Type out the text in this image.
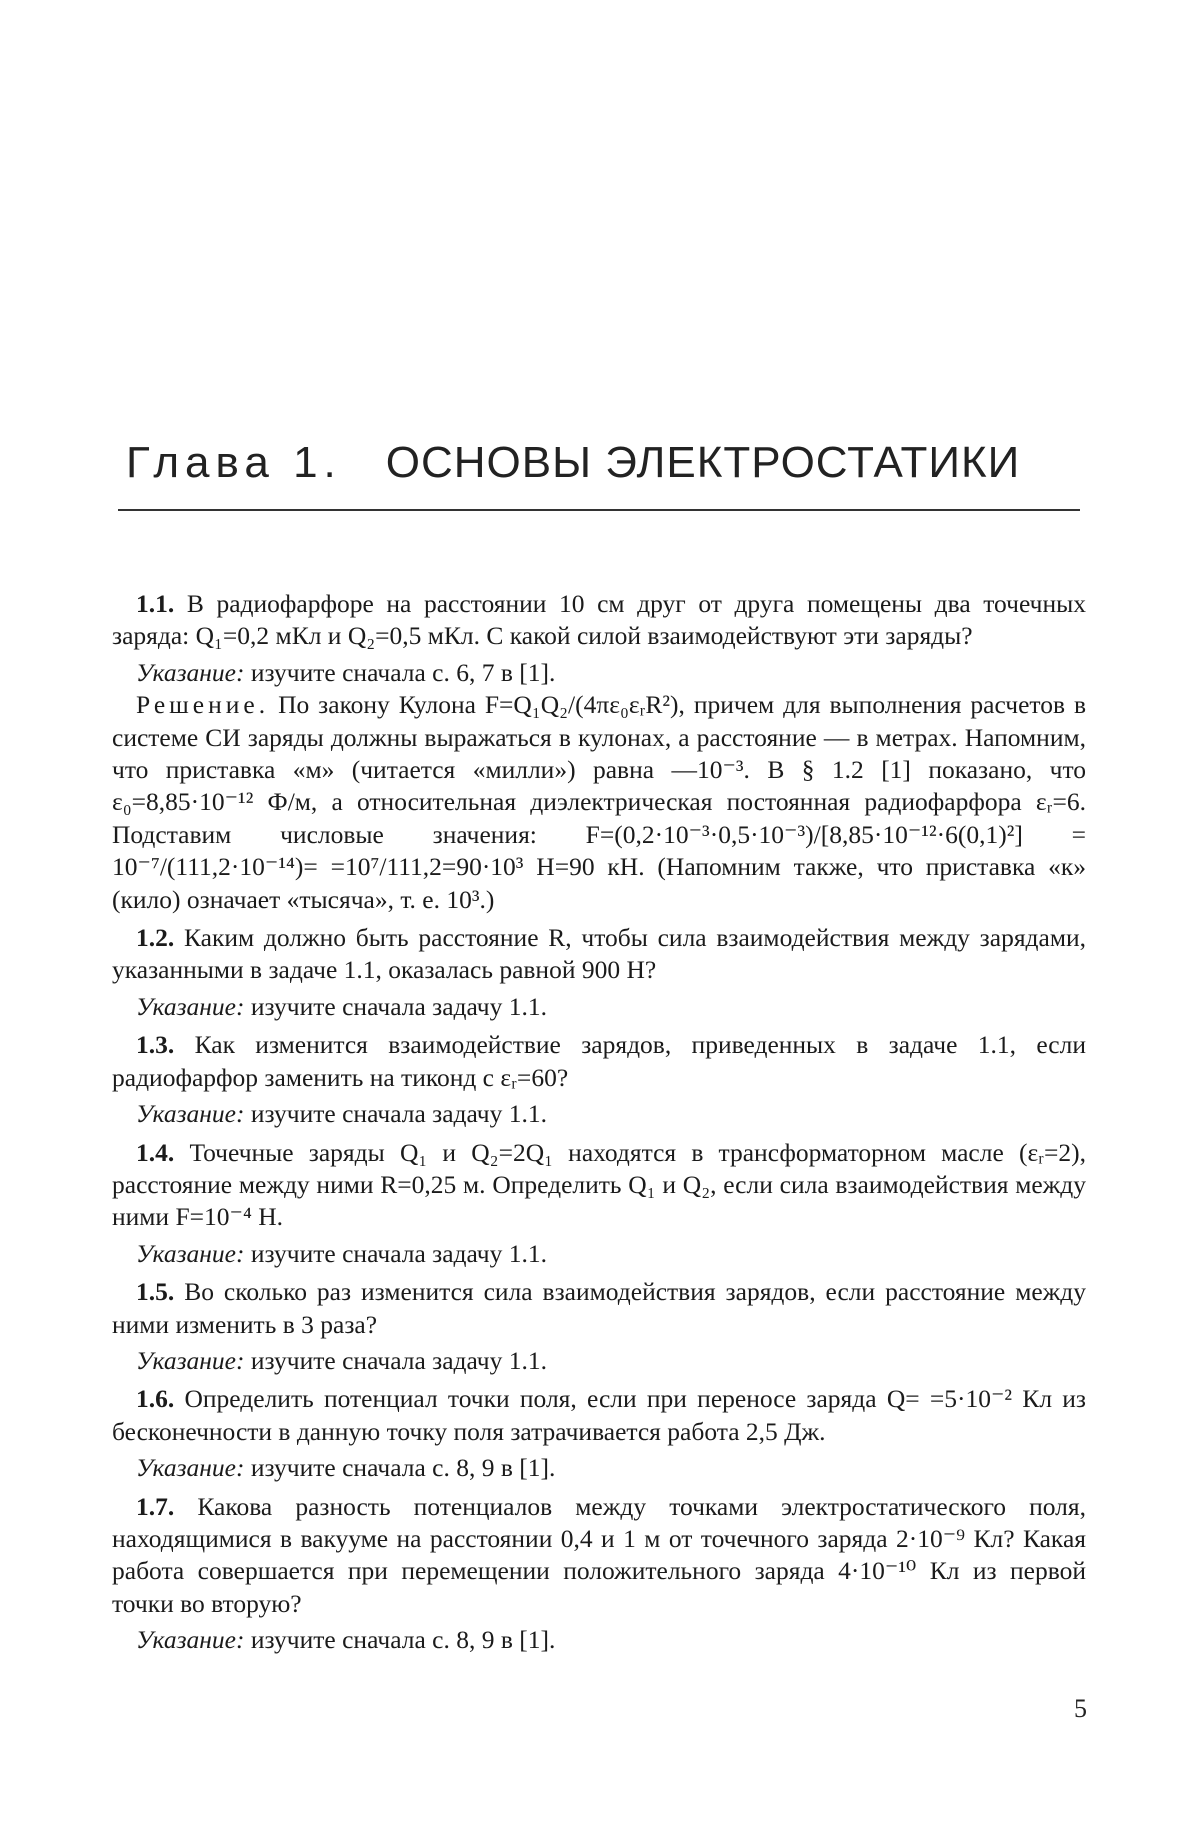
Глава 1. ОСНОВЫ ЭЛЕКТРОСТАТИКИ

1.1. В радиофарфоре на расстоянии 10 см друг от друга помещены два точечных заряда: Q₁=0,2 мКл и Q₂=0,5 мКл. С какой силой взаимодействуют эти заряды?

Указание: изучите сначала с. 6, 7 в [1].

Решение. По закону Кулона F=Q₁Q₂/(4πε₀εᵣR²), причем для выполнения расчетов в системе СИ заряды должны выражаться в кулонах, а расстояние — в метрах. Напомним, что приставка «м» (читается «милли») равна —10⁻³. В § 1.2 [1] показано, что ε₀=8,85·10⁻¹² Ф/м, а относительная диэлектрическая постоянная радиофарфора εᵣ=6. Подставим числовые значения: F=(0,2·10⁻³·0,5·10⁻³)/[8,85·10⁻¹²·6(0,1)²] = 10⁻⁷/(111,2·10⁻¹⁴)= =10⁷/111,2=90·10³ Н=90 кН. (Напомним также, что приставка «к» (кило) означает «тысяча», т. е. 10³.)

1.2. Каким должно быть расстояние R, чтобы сила взаимодействия между зарядами, указанными в задаче 1.1, оказалась равной 900 Н?

Указание: изучите сначала задачу 1.1.

1.3. Как изменится взаимодействие зарядов, приведенных в задаче 1.1, если радиофарфор заменить на тиконд с εᵣ=60?

Указание: изучите сначала задачу 1.1.

1.4. Точечные заряды Q₁ и Q₂=2Q₁ находятся в трансформаторном масле (εᵣ=2), расстояние между ними R=0,25 м. Определить Q₁ и Q₂, если сила взаимодействия между ними F=10⁻⁴ Н.

Указание: изучите сначала задачу 1.1.

1.5. Во сколько раз изменится сила взаимодействия зарядов, если расстояние между ними изменить в 3 раза?

Указание: изучите сначала задачу 1.1.

1.6. Определить потенциал точки поля, если при переносе заряда Q= =5·10⁻² Кл из бесконечности в данную точку поля затрачивается работа 2,5 Дж.

Указание: изучите сначала с. 8, 9 в [1].

1.7. Какова разность потенциалов между точками электростатического поля, находящимися в вакууме на расстоянии 0,4 и 1 м от точечного заряда 2·10⁻⁹ Кл? Какая работа совершается при перемещении положительного заряда 4·10⁻¹⁰ Кл из первой точки во вторую?

Указание: изучите сначала с. 8, 9 в [1].

5
